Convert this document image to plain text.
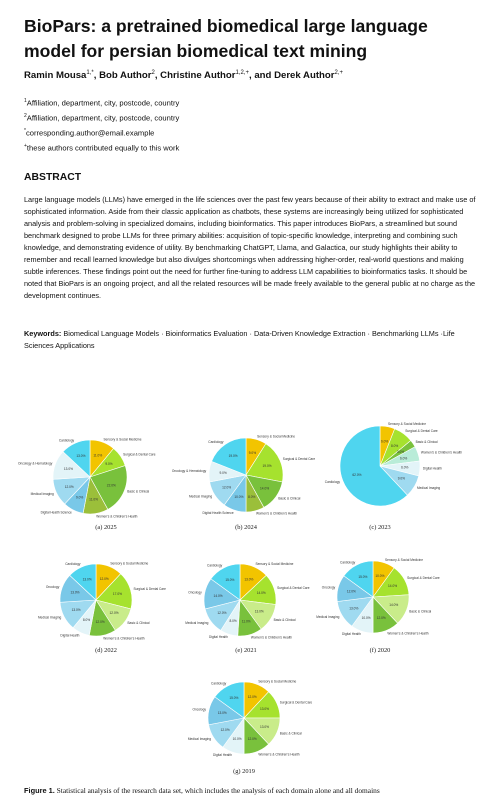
BioPars: a pretrained biomedical large language model for persian biomedical text mining
Ramin Mousa$^{1,*}$, Bob Author$^2$, Christine Author$^{1,2,+}$, and Derek Author$^{2,+}$
$^1$Affiliation, department, city, postcode, country
$^2$Affiliation, department, city, postcode, country
*corresponding.author@email.example
+these authors contributed equally to this work
ABSTRACT
Large language models (LLMs) have emerged in the life sciences over the past few years because of their ability to extract and make use of sophisticated information. Aside from their classic application as chatbots, these systems are increasingly being utilized for sophisticated analysis and problem-solving in specialized domains, including bioinformatics. This paper introduces BioPars, a streamlined but sound benchmark designed to probe LLMs for three primary abilities: acquisition of topic-specific knowledge, interpreting and combining such knowledge, and demonstrating evidence of utility. By benchmarking ChatGPT, Llama, and Galactica, our study highlights their ability to remember and recall learned knowledge but also divulges shortcomings when addressing higher-order, real-world questions and making subtle inferences. These findings point out the need for further fine-tuning to address LLM capabilities to bioinformatics tasks. It should be noted that BioPars is an ongoing project, and all the related resources will be made freely available to the general public at no charge as the development continues.
Keywords: Biomedical Language Models · Bioinformatics Evaluation · Data-Driven Knowledge Extraction · Benchmarking LLMs ·Life Sciences Applications
11.0%
Sensory & Social Medicine
9.0%
Surgical & Dental Care
22.0%
Basic & Clinical
11.0%
Women's & Children's Health
9.0%
Digital Health Science
12.0%
Medical Imaging
13.0%
Oncology & Hematology
13.0%
Cardiology
(a) 2025
9.0%
Sensory & Social Medicine
19.0%
Surgical & Dental Care
14.0%
Basic & Clinical
8.0%
Women's & Children's Health
10.0%
Digital Health Science
12.0%
Medical Imaging
9.0%
Oncology & Hematology
19.0%
Cardiology
(b) 2024
6.0%
Sensory & Social Medicine
8.0%
Surgical & Dental Care
3.0%
Basic & Clinical
6.0%
Women's & Children's Health
6.0%	Digital Health
9.0%
Medical Imaging
62.0%
Cardiology
(c) 2023
12.0%
Sensory & Social Medicine
17.0%
Surgical & Dental Care
12.0%
Basic & Clinical
12.0%
Women's & Children's Health
8.0%
Digital Health
13.0%
Medical Imaging
13.0%
Oncology
13.0%
Cardiology
(d) 2022
13.0%
Sensory & Social Medicine
14.0%
Surgical & Dental Care
13.0%
Basic & Clinical
11.0%
Women's & Children's Health
8.0%
Digital Health
12.0%
Medical Imaging
14.0%
Oncology
15.0%
Cardiology
(e) 2021
10.0%
Sensory & Social Medicine
14.0%
Surgical & Dental Care
14.0%
Basic & Clinical
12.0%
Women's & Children's Health
10.0%
Digital Health
13.0%
Medical Imaging
12.0%
Oncology
15.0%
Cardiology
(f) 2020
12.0%
Sensory & Social Medicine
13.0%
Surgical & Dental Care
13.0%
Basic & Clinical
12.0%
Women's & Children's Health
10.0%
Digital Health
12.0%
Medical Imaging
13.0%
Oncology
15.0%
Cardiology
(g) 2019
Figure 1. Statistical analysis of the research data set, which includes the analysis of each domain alone and all domains
